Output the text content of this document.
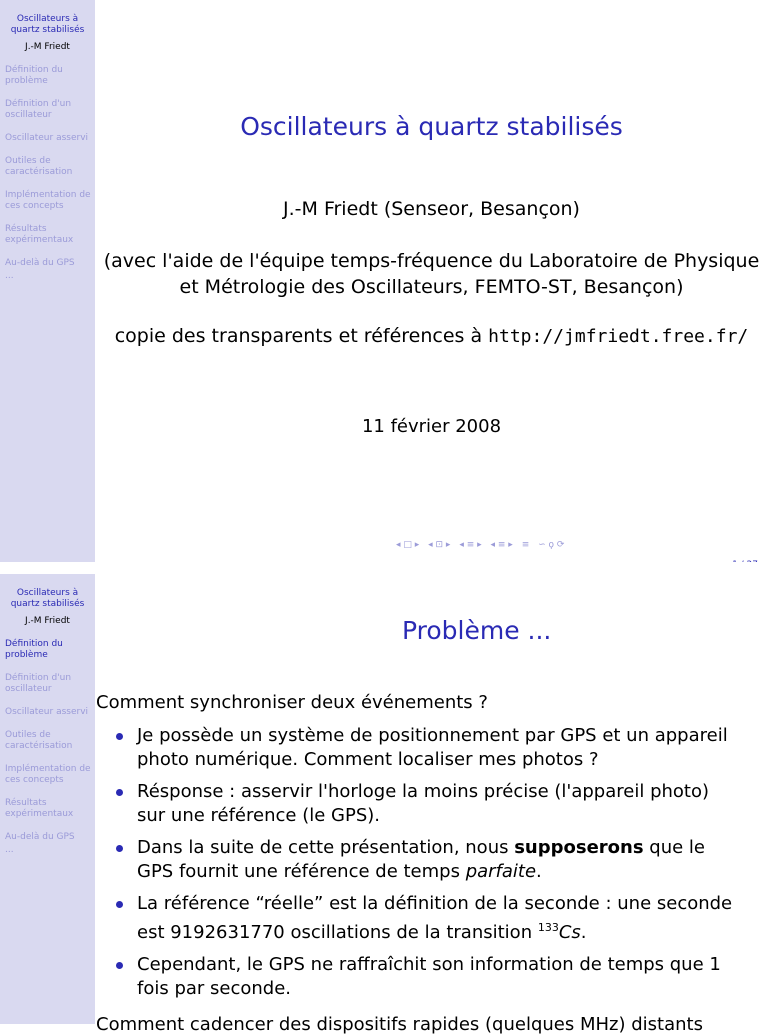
Oscillateurs à quartz stabilisés
J.-M Friedt
Définition du problème
Définition d'un oscillateur
Oscillateur asservi
Outiles de caractérisation
Implémentation de ces concepts
Résultats expérimentaux
Au-delà du GPS
...
Oscillateurs à quartz stabilisés
J.-M Friedt (Senseor, Besançon)
(avec l'aide de l'équipe temps-fréquence du Laboratoire de Physique
et Métrologie des Oscillateurs, FEMTO-ST, Besançon)
copie des transparents et références à http://jmfriedt.free.fr/
11 février 2008
◂ □ ▸ ◂ ⊡ ▸ ◂ ≡ ▸ ◂ ≡ ▸ ≡ ∽ ϙ ⟳
Oscillateurs à quartz stabilisés
J.-M Friedt
Définition du problème
Définition d'un oscillateur
Oscillateur asservi
Outiles de caractérisation
Implémentation de ces concepts
Résultats expérimentaux
Au-delà du GPS
...
Problème ...
Comment synchroniser deux événements ?
Je possède un système de positionnement par GPS et un appareil photo numérique. Comment localiser mes photos ?
Résponse : asservir l'horloge la moins précise (l'appareil photo) sur une référence (le GPS).
Dans la suite de cette présentation, nous supposerons que le GPS fournit une référence de temps parfaite.
La référence “réelle” est la définition de la seconde : une seconde est 9192631770 oscillations de la transition $^{133}$Cs.
Cependant, le GPS ne raffraîchit son information de temps que 1 fois par seconde.
Comment cadencer des dispositifs rapides (quelques MHz) distants
